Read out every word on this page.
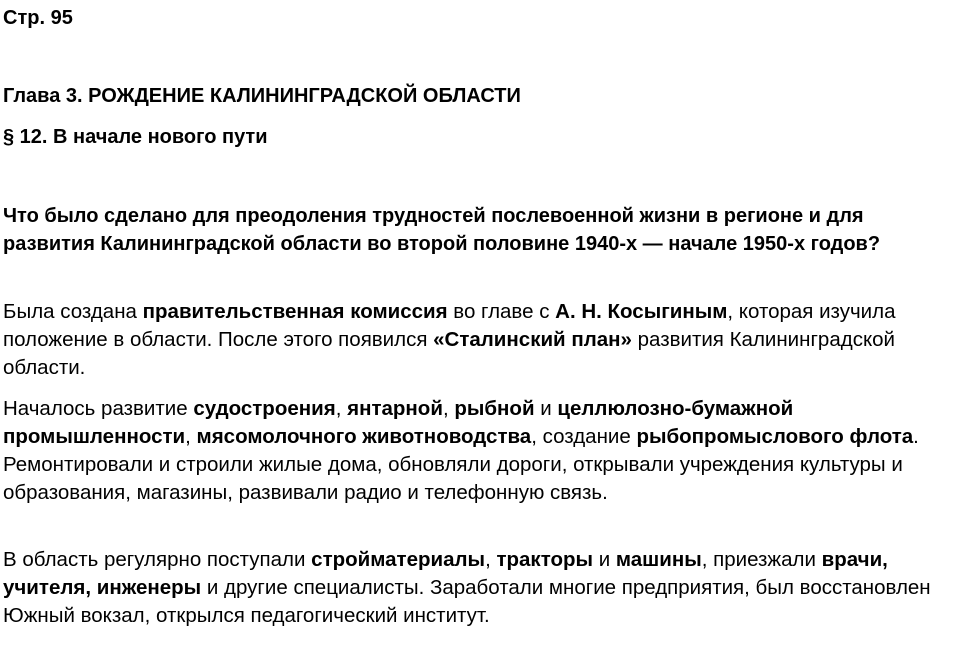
Стр. 95
Глава 3. РОЖДЕНИЕ КАЛИНИНГРАДСКОЙ ОБЛАСТИ
§ 12. В начале нового пути
Что было сделано для преодоления трудностей послевоенной жизни в регионе и для развития Калининградской области во второй половине 1940-х — начале 1950-х годов?
Была создана правительственная комиссия во главе с А. Н. Косыгиным, которая изучила положение в области. После этого появился «Сталинский план» развития Калининградской области.
Началось развитие судостроения, янтарной, рыбной и целлюлозно-бумажной промышленности, мясомолочного животноводства, создание рыбопромыслового флота. Ремонтировали и строили жилые дома, обновляли дороги, открывали учреждения культуры и образования, магазины, развивали радио и телефонную связь.
В область регулярно поступали стройматериалы, тракторы и машины, приезжали врачи, учителя, инженеры и другие специалисты. Заработали многие предприятия, был восстановлен Южный вокзал, открылся педагогический институт.
